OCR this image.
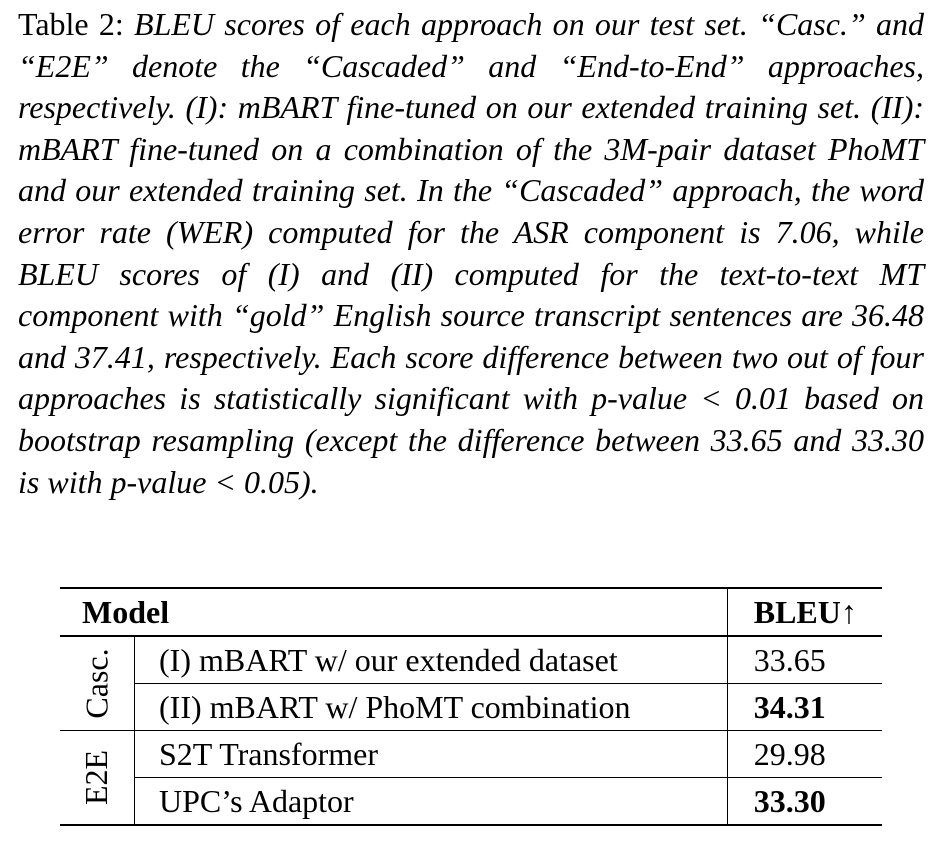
Table 2: BLEU scores of each approach on our test set. “Casc.” and “E2E” denote the “Cascaded” and “End-to-End” approaches, respectively. (I): mBART fine-tuned on our extended training set. (II): mBART fine-tuned on a combination of the 3M-pair dataset PhoMT and our extended training set. In the “Cascaded” approach, the word error rate (WER) computed for the ASR component is 7.06, while BLEU scores of (I) and (II) computed for the text-to-text MT component with “gold” English source transcript sentences are 36.48 and 37.41, respectively. Each score difference between two out of four approaches is statistically significant with p-value < 0.01 based on bootstrap resampling (except the difference between 33.65 and 33.30 is with p-value < 0.05).
Model		BLEU↑
Casc.	(I) mBART w/ our extended dataset	33.65
	(II) mBART w/ PhoMT combination	34.31
E2E	S2T Transformer	29.98
	UPC’s Adaptor	33.30
